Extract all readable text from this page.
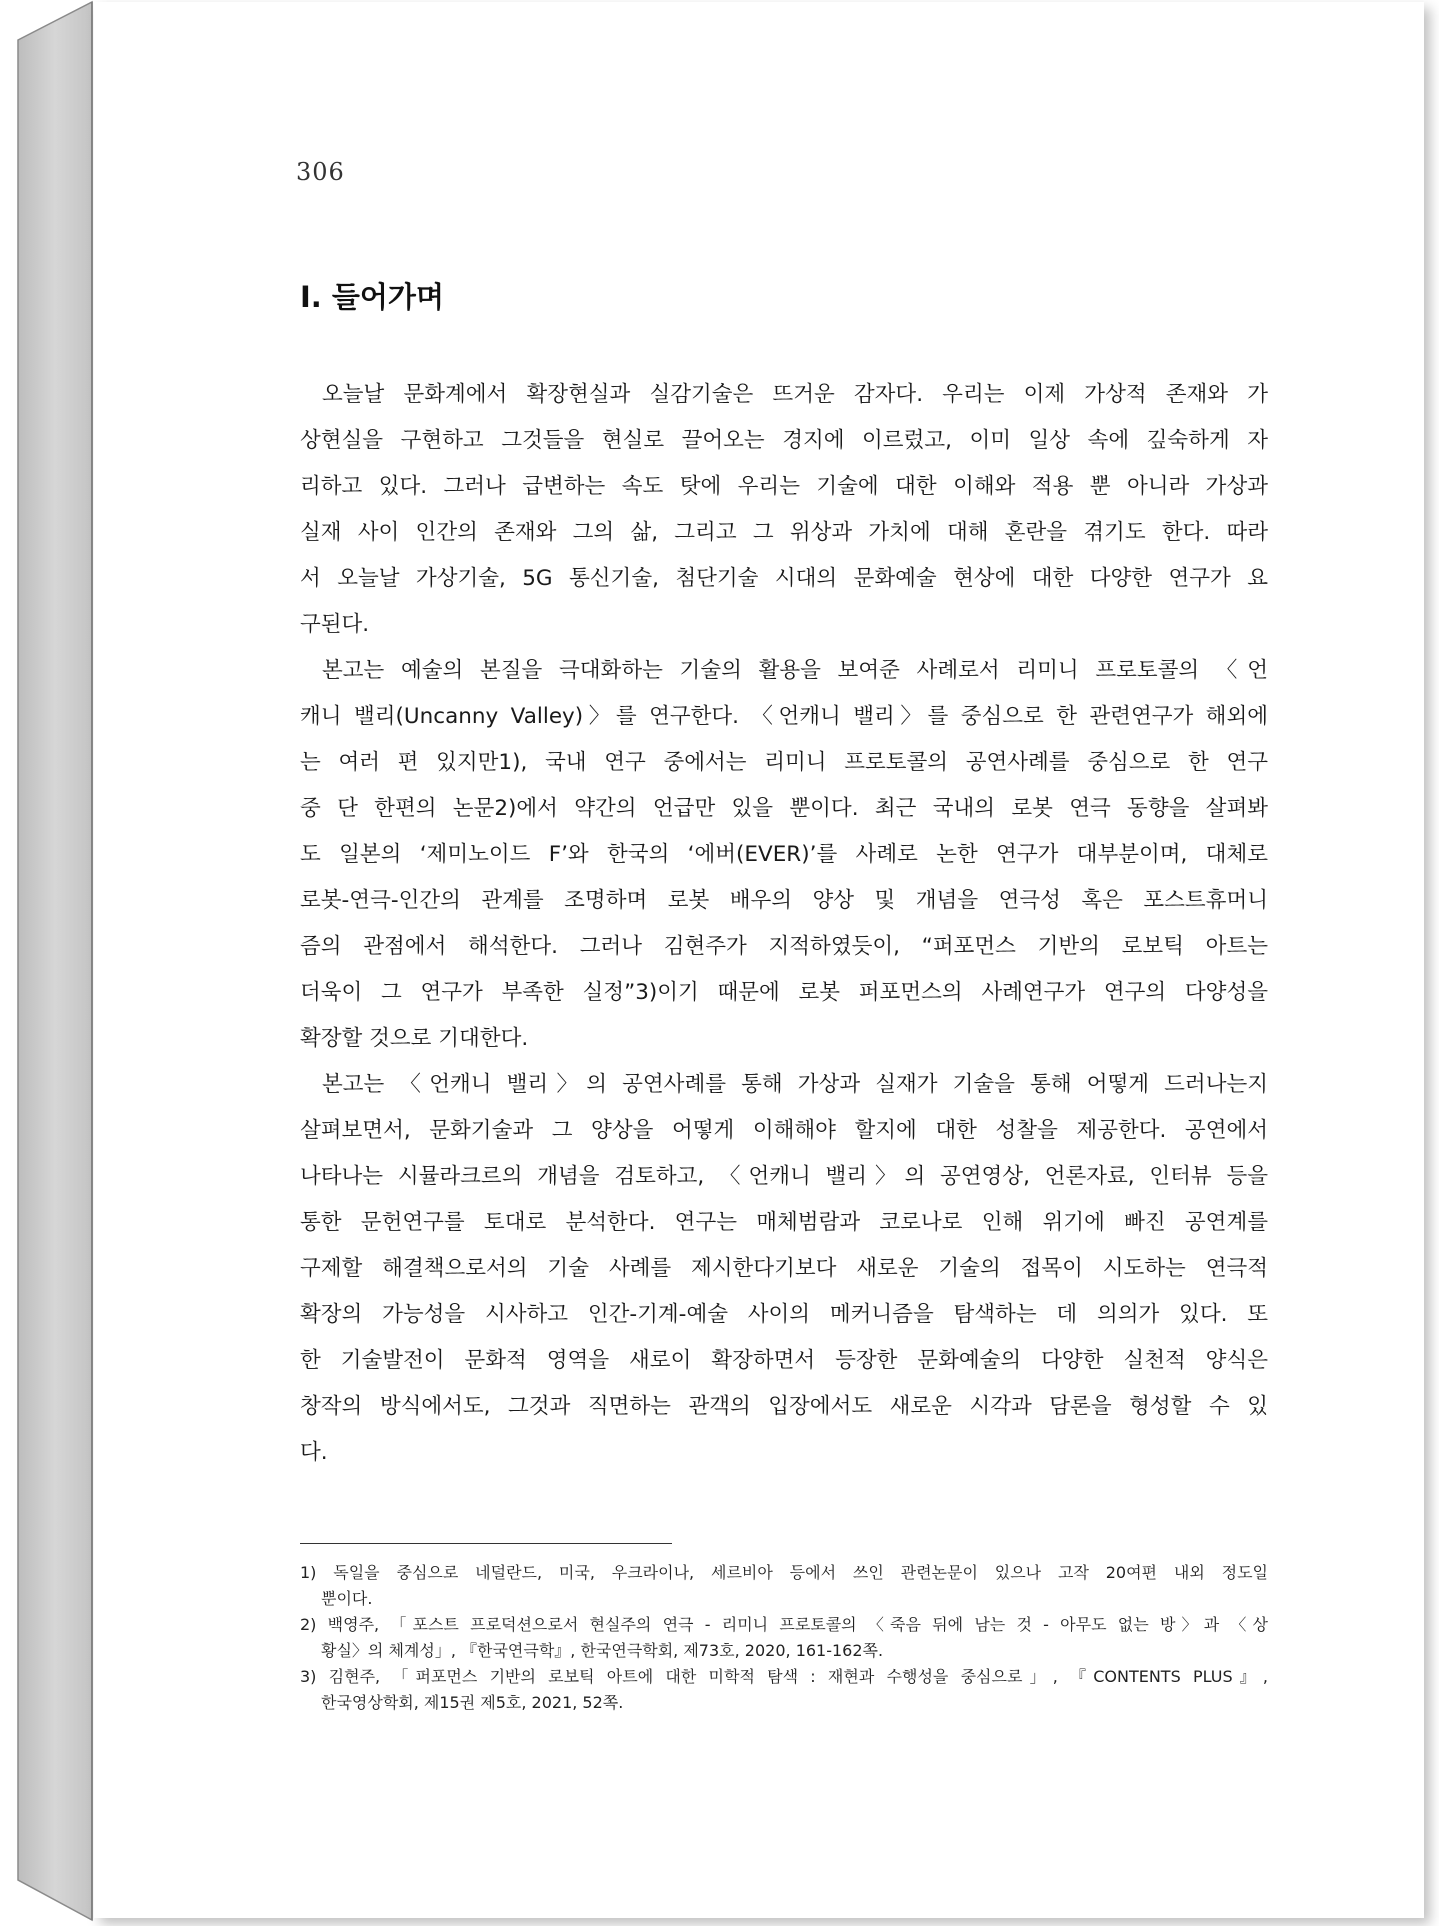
306
Ⅰ. 들어가며
오늘날 문화계에서 확장현실과 실감기술은 뜨거운 감자다. 우리는 이제 가상적 존재와 가
상현실을 구현하고 그것들을 현실로 끌어오는 경지에 이르렀고, 이미 일상 속에 깊숙하게 자
리하고 있다. 그러나 급변하는 속도 탓에 우리는 기술에 대한 이해와 적용 뿐 아니라 가상과
실재 사이 인간의 존재와 그의 삶, 그리고 그 위상과 가치에 대해 혼란을 겪기도 한다. 따라
서 오늘날 가상기술, 5G 통신기술, 첨단기술 시대의 문화예술 현상에 대한 다양한 연구가 요
구된다.
본고는 예술의 본질을 극대화하는 기술의 활용을 보여준 사례로서 리미니 프로토콜의 〈언
캐니 밸리(Uncanny Valley)〉를 연구한다. 〈언캐니 밸리〉를 중심으로 한 관련연구가 해외에
는 여러 편 있지만1), 국내 연구 중에서는 리미니 프로토콜의 공연사례를 중심으로 한 연구
중 단 한편의 논문2)에서 약간의 언급만 있을 뿐이다. 최근 국내의 로봇 연극 동향을 살펴봐
도 일본의 ‘제미노이드 F’와 한국의 ‘에버(EVER)’를 사례로 논한 연구가 대부분이며, 대체로
로봇-연극-인간의 관계를 조명하며 로봇 배우의 양상 및 개념을 연극성 혹은 포스트휴머니
즘의 관점에서 해석한다. 그러나 김현주가 지적하였듯이, “퍼포먼스 기반의 로보틱 아트는
더욱이 그 연구가 부족한 실정”3)이기 때문에 로봇 퍼포먼스의 사례연구가 연구의 다양성을
확장할 것으로 기대한다.
본고는 〈언캐니 밸리〉의 공연사례를 통해 가상과 실재가 기술을 통해 어떻게 드러나는지
살펴보면서, 문화기술과 그 양상을 어떻게 이해해야 할지에 대한 성찰을 제공한다. 공연에서
나타나는 시뮬라크르의 개념을 검토하고, 〈언캐니 밸리〉의 공연영상, 언론자료, 인터뷰 등을
통한 문헌연구를 토대로 분석한다. 연구는 매체범람과 코로나로 인해 위기에 빠진 공연계를
구제할 해결책으로서의 기술 사례를 제시한다기보다 새로운 기술의 접목이 시도하는 연극적
확장의 가능성을 시사하고 인간-기계-예술 사이의 메커니즘을 탐색하는 데 의의가 있다. 또
한 기술발전이 문화적 영역을 새로이 확장하면서 등장한 문화예술의 다양한 실천적 양식은
창작의 방식에서도, 그것과 직면하는 관객의 입장에서도 새로운 시각과 담론을 형성할 수 있
다.
1) 독일을 중심으로 네덜란드, 미국, 우크라이나, 세르비아 등에서 쓰인 관련논문이 있으나 고작 20여편 내외 정도일
뿐이다.
2) 백영주, 「포스트 프로덕션으로서 현실주의 연극 - 리미니 프로토콜의 〈죽음 뒤에 남는 것 - 아무도 없는 방〉과 〈상
황실〉의 체계성」, 『한국연극학』, 한국연극학회, 제73호, 2020, 161-162쪽.
3) 김현주, 「퍼포먼스 기반의 로보틱 아트에 대한 미학적 탐색 : 재현과 수행성을 중심으로」, 『CONTENTS PLUS』,
한국영상학회, 제15권 제5호, 2021, 52쪽.
